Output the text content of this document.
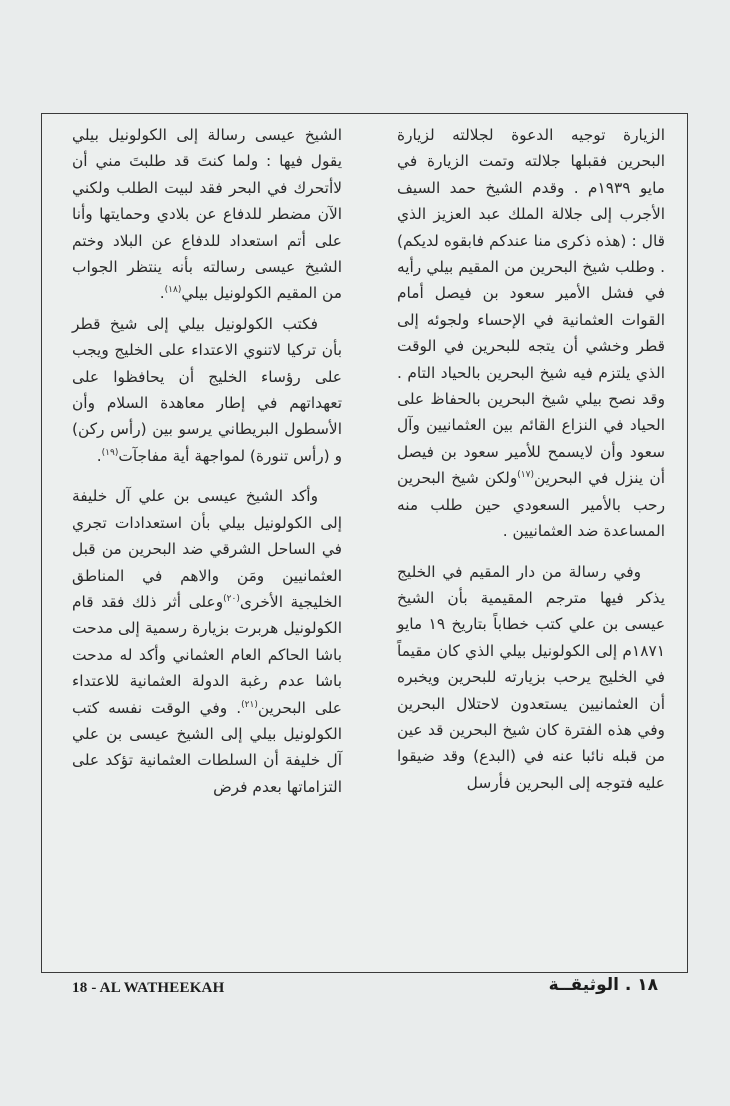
الزيارة توجيه الدعوة لجلالته لزيارة البحرين فقبلها جلالته وتمت الزيارة في مايو ١٩٣٩م . وقدم الشيخ حمد السيف الأجرب إلى جلالة الملك عبد العزيز الذي قال : (هذه ذكرى منا عندكم فابقوه لديكم) . وطلب شيخ البحرين من المقيم بيلي رأيه في فشل الأمير سعود بن فيصل أمام القوات العثمانية في الإحساء ولجوئه إلى قطر وخشي أن يتجه للبحرين في الوقت الذي يلتزم فيه شيخ البحرين بالحياد التام . وقد نصح بيلي شيخ البحرين بالحفاظ على الحياد في النزاع القائم بين العثمانيين وآل سعود وأن لايسمح للأمير سعود بن فيصل أن ينزل في البحرين$^{(١٧)}$ولكن شيخ البحرين رحب بالأمير السعودي حين طلب منه المساعدة ضد العثمانيين .

وفي رسالة من دار المقيم في الخليج يذكر فيها مترجم المقيمية بأن الشيخ عيسى بن علي كتب خطاباً بتاريخ ١٩ مايو ١٨٧١م إلى الكولونيل بيلي الذي كان مقيماً في الخليج يرحب بزيارته للبحرين ويخبره أن العثمانيين يستعدون لاحتلال البحرين وفي هذه الفترة كان شيخ البحرين قد عين من قبله نائبا عنه في (البدع) وقد ضيقوا عليه فتوجه إلى البحرين فأرسل

الشيخ عيسى رسالة إلى الكولونيل بيلي يقول فيها : ولما كنتَ قد طلبتَ مني أن لاأتحرك في البحر فقد لبيت الطلب ولكني الآن مضطر للدفاع عن بلادي وحمايتها وأنا على أتم استعداد للدفاع عن البلاد وختم الشيخ عيسى رسالته بأنه ينتظر الجواب من المقيم الكولونيل بيلي$^{(١٨)}$.

فكتب الكولونيل بيلي إلى شيخ قطر بأن تركيا لاتنوي الاعتداء على الخليج ويجب على رؤساء الخليج أن يحافظوا على تعهداتهم في إطار معاهدة السلام وأن الأسطول البريطاني يرسو بين (رأس ركن) و (رأس تنورة) لمواجهة أية مفاجآت$^{(١٩)}$.

وأكد الشيخ عيسى بن علي آل خليفة إلى الكولونيل بيلي بأن استعدادات تجري في الساحل الشرقي ضد البحرين من قبل العثمانيين ومَن والاهم في المناطق الخليجية الأخرى$^{(٢٠)}$وعلى أثر ذلك فقد قام الكولونيل هربرت بزيارة رسمية إلى مدحت باشا الحاكم العام العثماني وأكد له مدحت باشا عدم رغبة الدولة العثمانية للاعتداء على البحرين$^{(٢١)}$. وفي الوقت نفسه كتب الكولونيل بيلي إلى الشيخ عيسى بن علي آل خليفة أن السلطات العثمانية تؤكد على التزاماتها بعدم فرض

18 - AL WATHEEKAH	١٨ . الوثيقــة
